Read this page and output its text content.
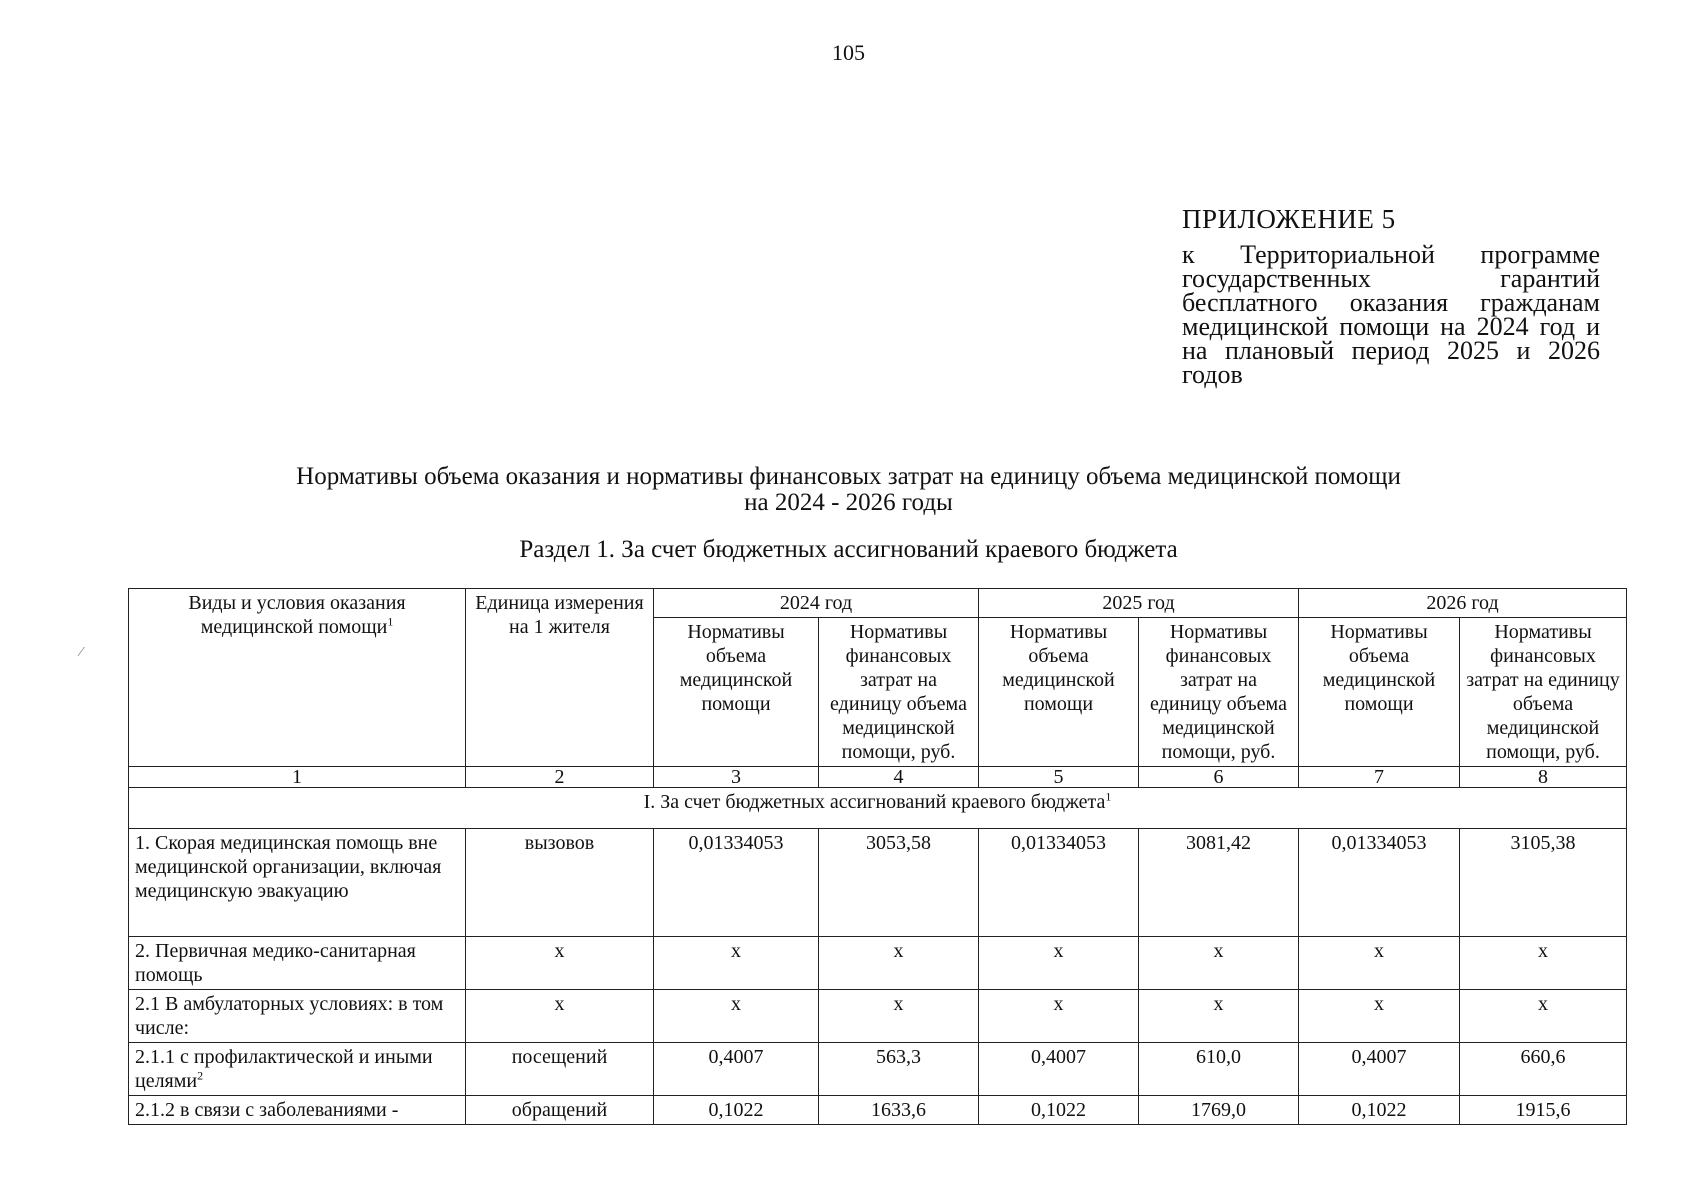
105

ПРИЛОЖЕНИЕ 5

к Территориальной программе государственных гарантий бесплатного оказания гражданам медицинской помощи на 2024 год и на плановый период 2025 и 2026 годов

Нормативы объема оказания и нормативы финансовых затрат на единицу объема медицинской помощи
на 2024 - 2026 годы
Раздел 1. За счет бюджетных ассигнований краевого бюджета
⁄
Виды и условия оказания медицинской помощи$^1$	Единица измерения на 1 жителя	2024 год		2025 год		2026 год	
		Нормативы объема медицинской помощи	Нормативы финансовых затрат на единицу объема медицинской помощи, руб.	Нормативы объема медицинской помощи	Нормативы финансовых затрат на единицу объема медицинской помощи, руб.	Нормативы объема медицинской помощи	Нормативы финансовых затрат на единицу объема медицинской помощи, руб.
1	2	3	4	5	6	7	8
I. За счет бюджетных ассигнований краевого бюджета$^1$
1. Скорая медицинская помощь вне медицинской организации, включая медицинскую эвакуацию	вызовов	0,01334053	3053,58	0,01334053	3081,42	0,01334053	3105,38
2. Первичная медико-санитарная помощь	х	х	х	х	х	х	х
2.1 В амбулаторных условиях: в том числе:	х	х	х	х	х	х	х
2.1.1 с профилактической и иными целями$^2$	посещений	0,4007	563,3	0,4007	610,0	0,4007	660,6
2.1.2 в связи с заболеваниями -	обращений	0,1022	1633,6	0,1022	1769,0	0,1022	1915,6
